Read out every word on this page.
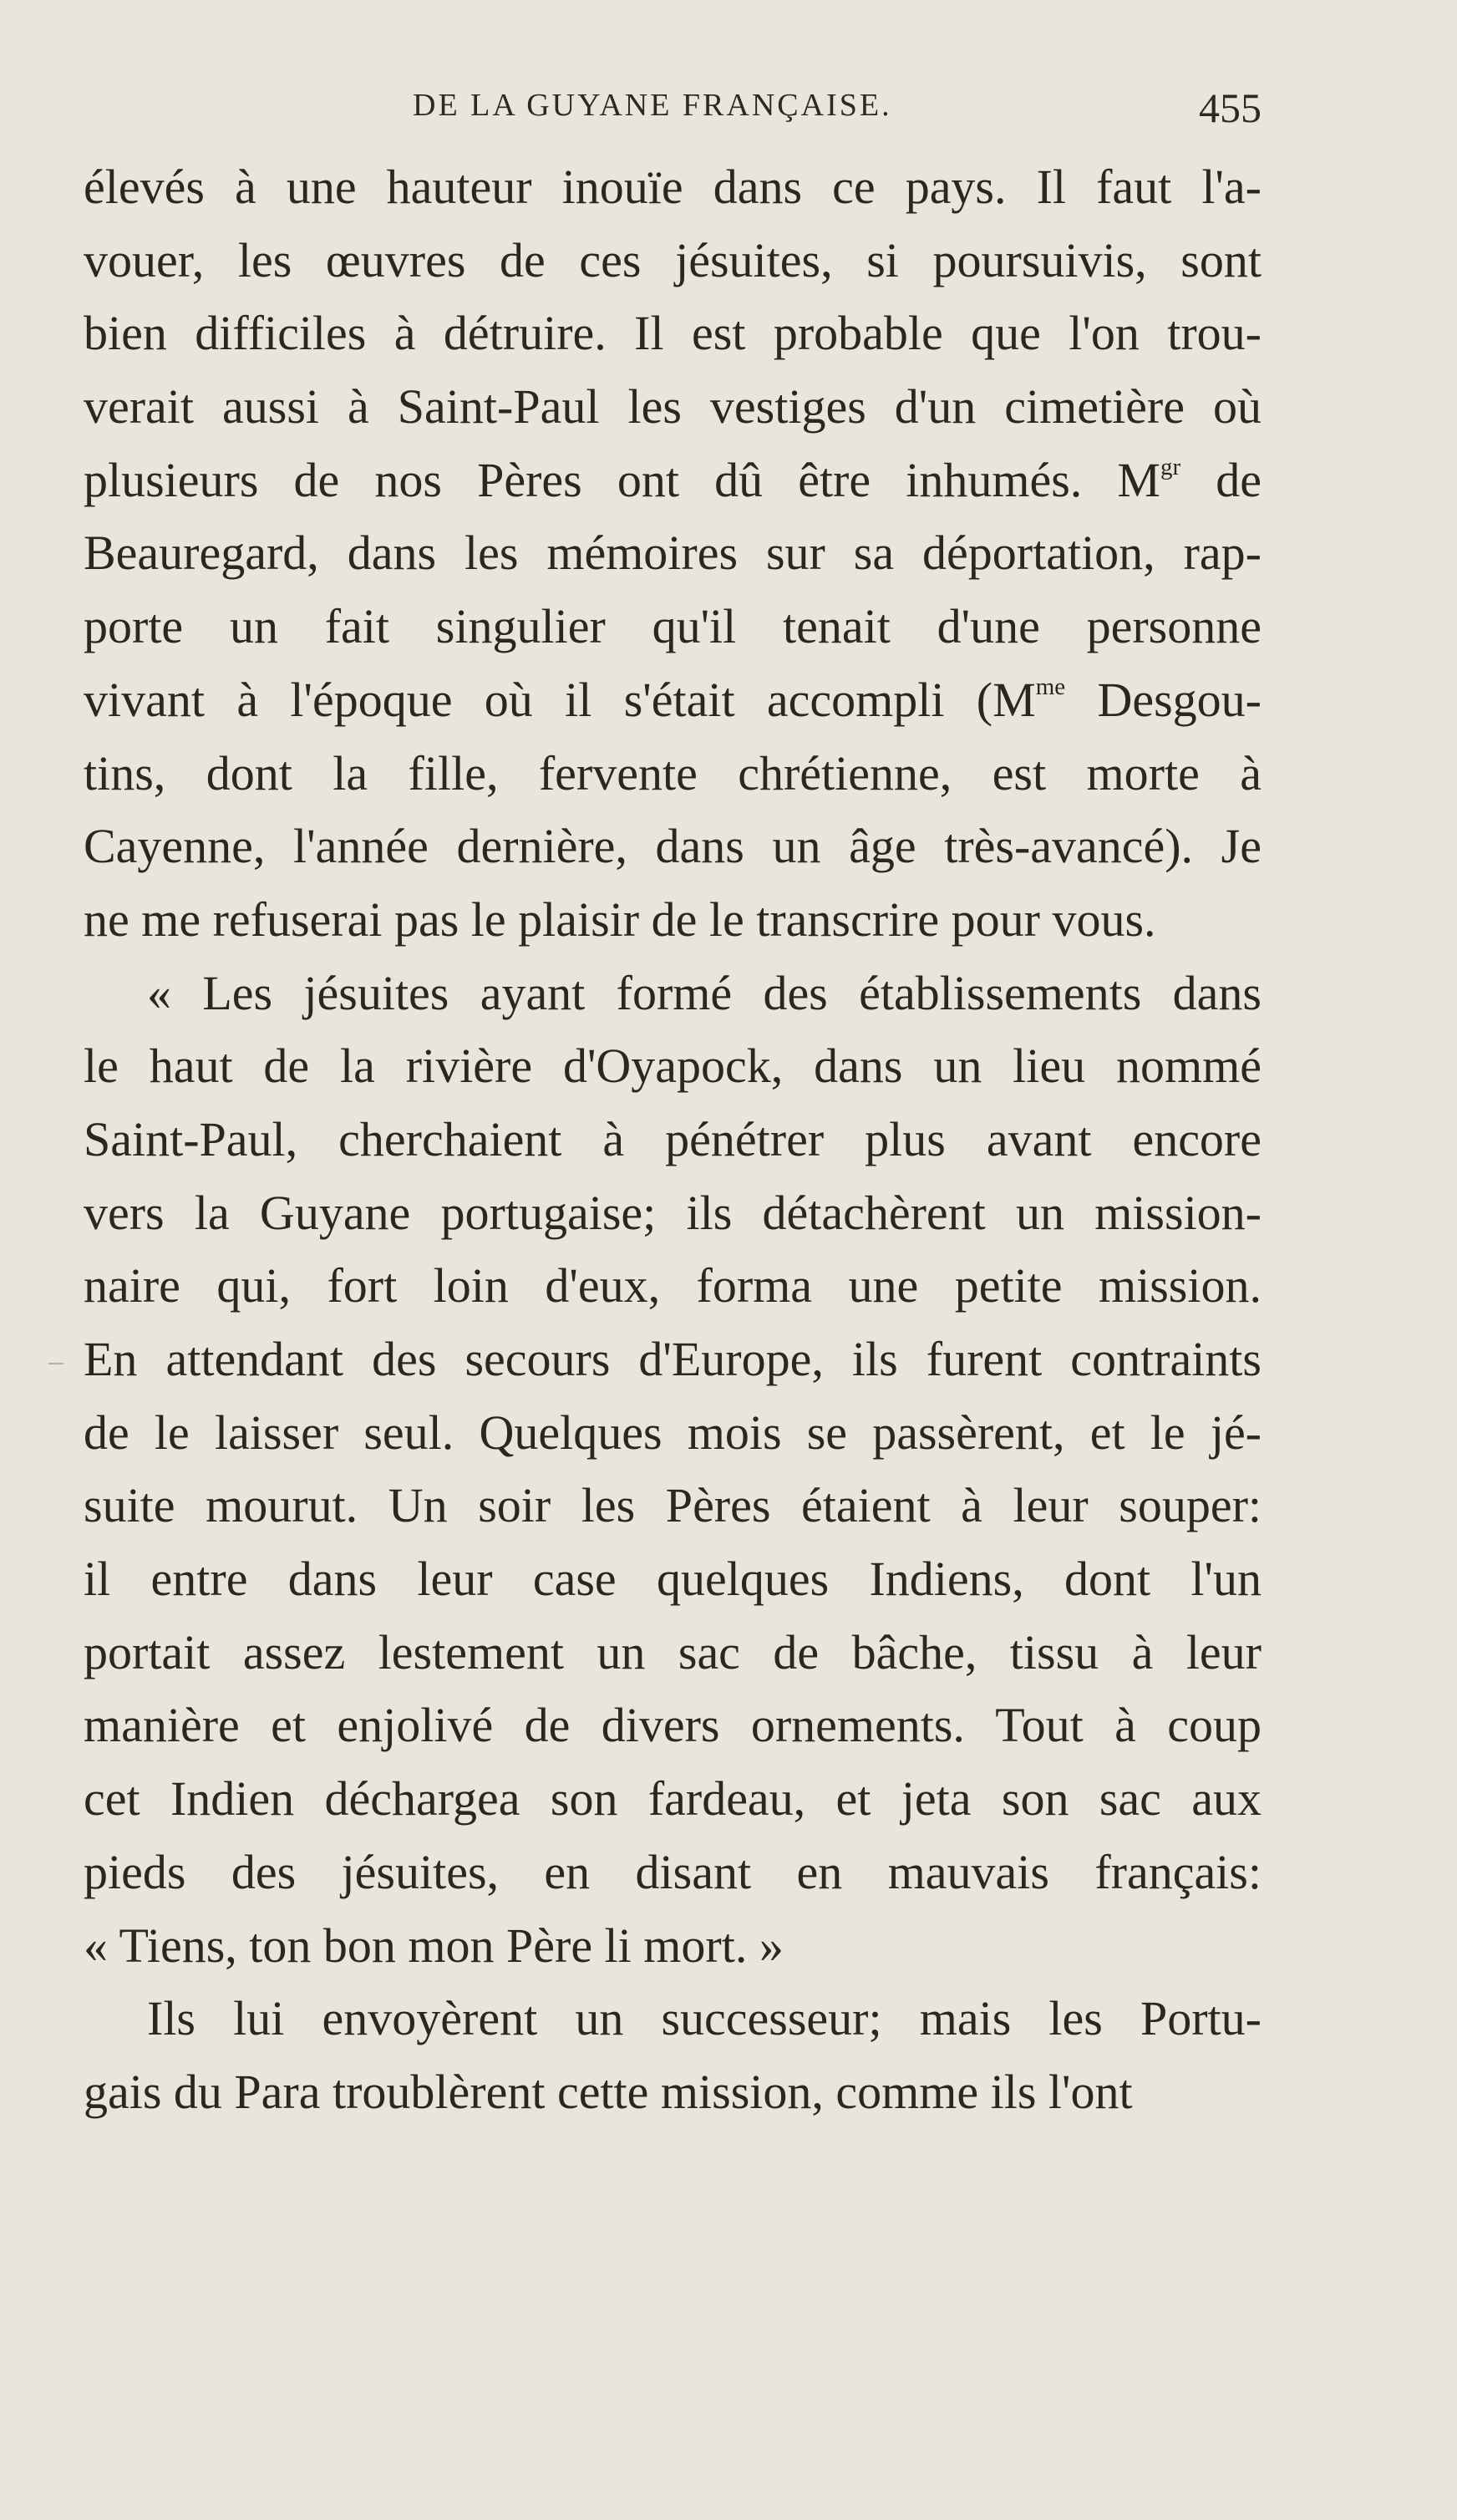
DE LA GUYANE FRANÇAISE.	455
élevés à une hauteur inouïe dans ce pays. Il faut l'a-
vouer, les œuvres de ces jésuites, si poursuivis, sont
bien difficiles à détruire. Il est probable que l'on trou-
verait aussi à Saint-Paul les vestiges d'un cimetière où
plusieurs de nos Pères ont dû être inhumés. $M^{gr}$ de
Beauregard, dans les mémoires sur sa déportation, rap-
porte un fait singulier qu'il tenait d'une personne
vivant à l'époque où il s'était accompli ($M^{me}$ Desgou-
tins, dont la fille, fervente chrétienne, est morte à
Cayenne, l'année dernière, dans un âge très-avancé). Je
ne me refuserai pas le plaisir de le transcrire pour vous.
« Les jésuites ayant formé des établissements dans
le haut de la rivière d'Oyapock, dans un lieu nommé
Saint-Paul, cherchaient à pénétrer plus avant encore
vers la Guyane portugaise; ils détachèrent un mission-
naire qui, fort loin d'eux, forma une petite mission.
En attendant des secours d'Europe, ils furent contraints
de le laisser seul. Quelques mois se passèrent, et le jé-
suite mourut. Un soir les Pères étaient à leur souper:
il entre dans leur case quelques Indiens, dont l'un
portait assez lestement un sac de bâche, tissu à leur
manière et enjolivé de divers ornements. Tout à coup
cet Indien déchargea son fardeau, et jeta son sac aux
pieds des jésuites, en disant en mauvais français:
« Tiens, ton bon mon Père li mort. »
Ils lui envoyèrent un successeur; mais les Portu-
gais du Para troublèrent cette mission, comme ils l'ont
